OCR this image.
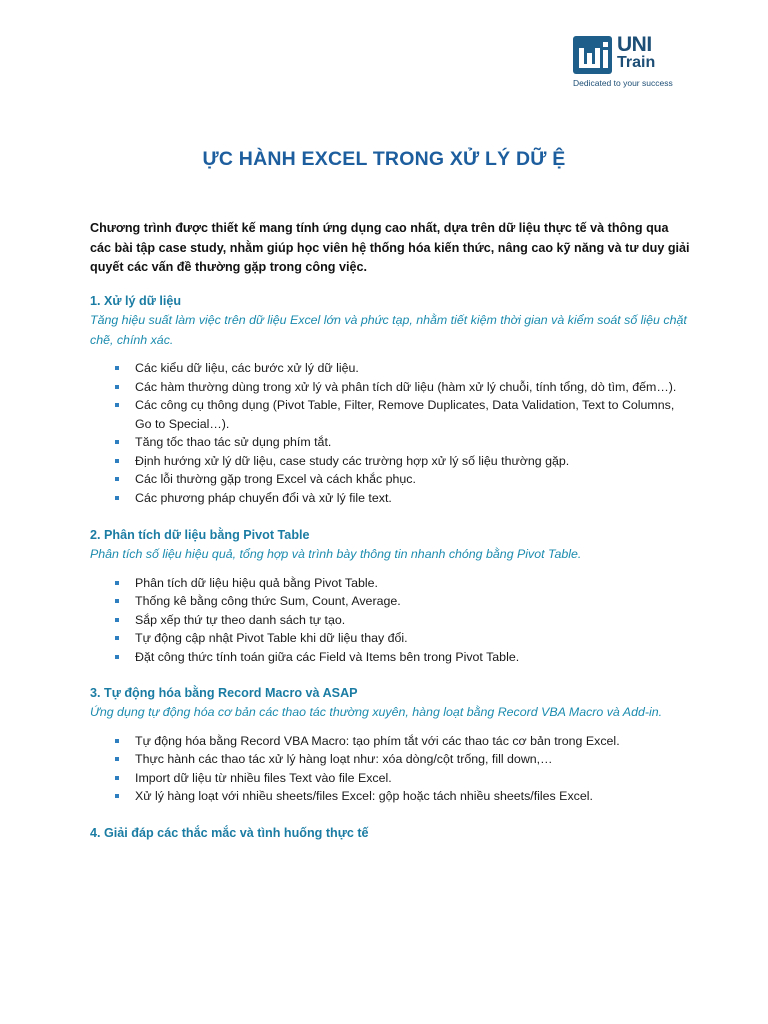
UNI
Train
Dedicated to your success
ỰC HÀNH EXCEL TRONG XỬ LÝ DỮ Ệ
Chương trình được thiết kế mang tính ứng dụng cao nhất, dựa trên dữ liệu thực tế và thông qua các bài tập case study, nhằm giúp học viên hệ thống hóa kiến thức, nâng cao kỹ năng và tư duy giải quyết các vấn đề thường gặp trong công việc.

1. Xử lý dữ liệu

Tăng hiệu suất làm việc trên dữ liệu Excel lớn và phức tạp, nhằm tiết kiệm thời gian và kiểm soát số liệu chặt chẽ, chính xác.

Các kiểu dữ liệu, các bước xử lý dữ liệu.
Các hàm thường dùng trong xử lý và phân tích dữ liệu (hàm xử lý chuỗi, tính tổng, dò tìm, đếm…).
Các công cụ thông dụng (Pivot Table, Filter, Remove Duplicates, Data Validation, Text to Columns, Go to Special…).
Tăng tốc thao tác sử dụng phím tắt.
Định hướng xử lý dữ liệu, case study các trường hợp xử lý số liệu thường gặp.
Các lỗi thường gặp trong Excel và cách khắc phục.
Các phương pháp chuyển đổi và xử lý file text.

2. Phân tích dữ liệu bằng Pivot Table

Phân tích số liệu hiệu quả, tổng hợp và trình bày thông tin nhanh chóng bằng Pivot Table.

Phân tích dữ liệu hiệu quả bằng Pivot Table.
Thống kê bằng công thức Sum, Count, Average.
Sắp xếp thứ tự theo danh sách tự tạo.
Tự động cập nhật Pivot Table khi dữ liệu thay đổi.
Đặt công thức tính toán giữa các Field và Items bên trong Pivot Table.

3. Tự động hóa bằng Record Macro và ASAP

Ứng dụng tự động hóa cơ bản các thao tác thường xuyên, hàng loạt bằng Record VBA Macro và Add-in.

Tự động hóa bằng Record VBA Macro: tạo phím tắt với các thao tác cơ bản trong Excel.
Thực hành các thao tác xử lý hàng loạt như: xóa dòng/cột trống, fill down,…
Import dữ liệu từ nhiều files Text vào file Excel.
Xử lý hàng loạt với nhiều sheets/files Excel: gộp hoặc tách nhiều sheets/files Excel.

4. Giải đáp các thắc mắc và tình huống thực tế
